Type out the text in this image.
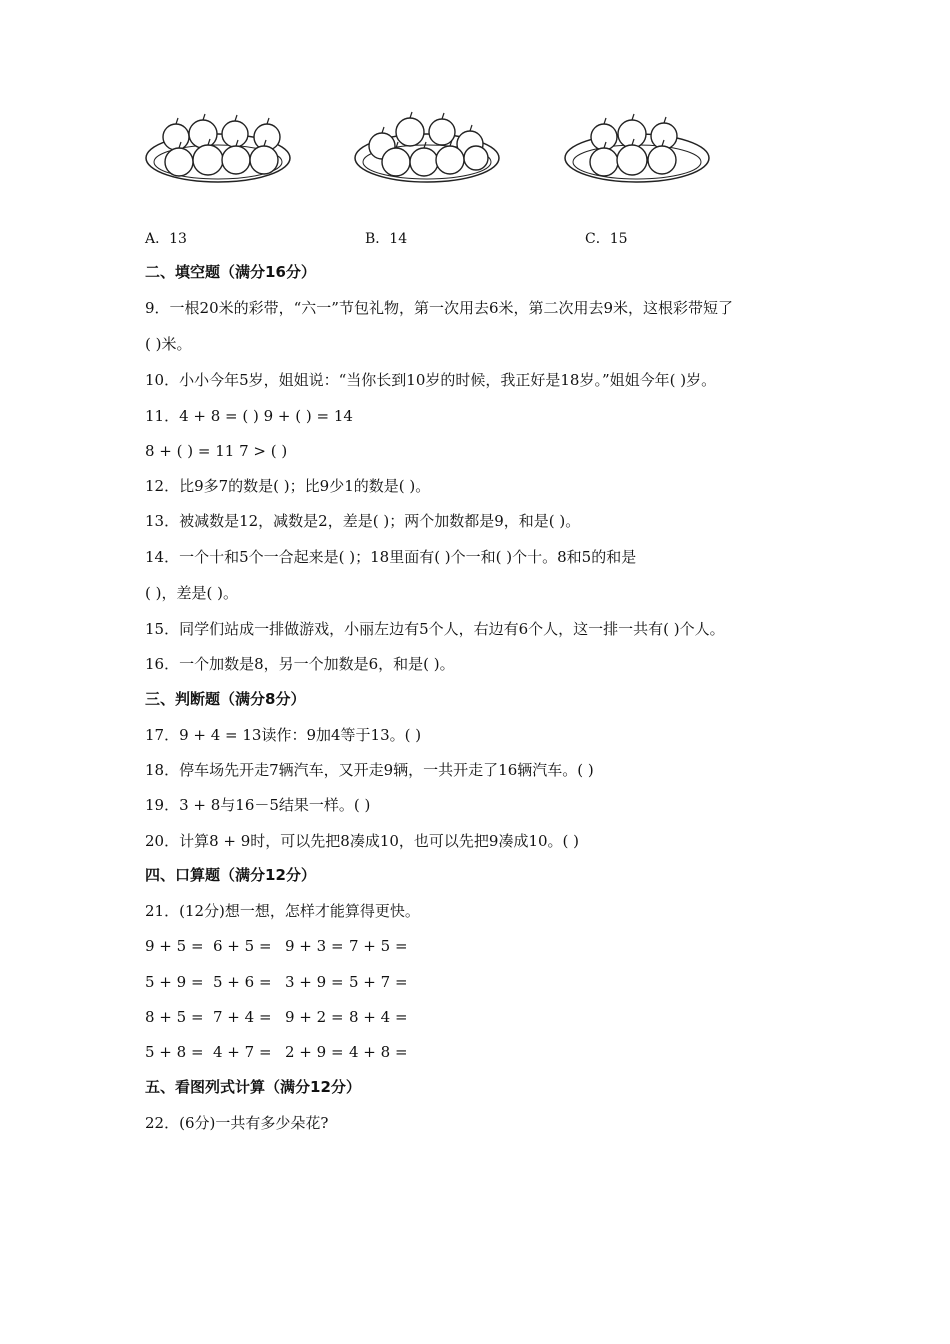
A．13	B．14	C．15
二、填空题（满分16分）
9．一根20米的彩带，“六一”节包礼物，第一次用去6米，第二次用去9米，这根彩带短了
( )米。
10．小小今年5岁，姐姐说：“当你长到10岁的时候，我正好是18岁。”姐姐今年( )岁。
11．4 + 8 = ( ) 9 + ( ) = 14
8 + ( ) = 11 7 > ( )
12．比9多7的数是( )；比9少1的数是( )。
13．被减数是12，减数是2，差是( )；两个加数都是9，和是( )。
14．一个十和5个一合起来是( )；18里面有( )个一和( )个十。8和5的和是
( )，差是( )。
15．同学们站成一排做游戏，小丽左边有5个人，右边有6个人，这一排一共有( )个人。
16．一个加数是8，另一个加数是6，和是( )。
三、判断题（满分8分）
17．9 + 4 = 13读作：9加4等于13。( )
18．停车场先开走7辆汽车，又开走9辆，一共开走了16辆汽车。( )
19．3 + 8与16－5结果一样。( )
20．计算8 + 9时，可以先把8凑成10，也可以先把9凑成10。( )
四、口算题（满分12分）
21．(12分)想一想，怎样才能算得更快。
9 + 5 = 6 + 5 = 9 + 3 = 7 + 5 =
5 + 9 = 5 + 6 = 3 + 9 = 5 + 7 =
8 + 5 = 7 + 4 = 9 + 2 = 8 + 4 =
5 + 8 = 4 + 7 = 2 + 9 = 4 + 8 =
五、看图列式计算（满分12分）
22．(6分)一共有多少朵花?
